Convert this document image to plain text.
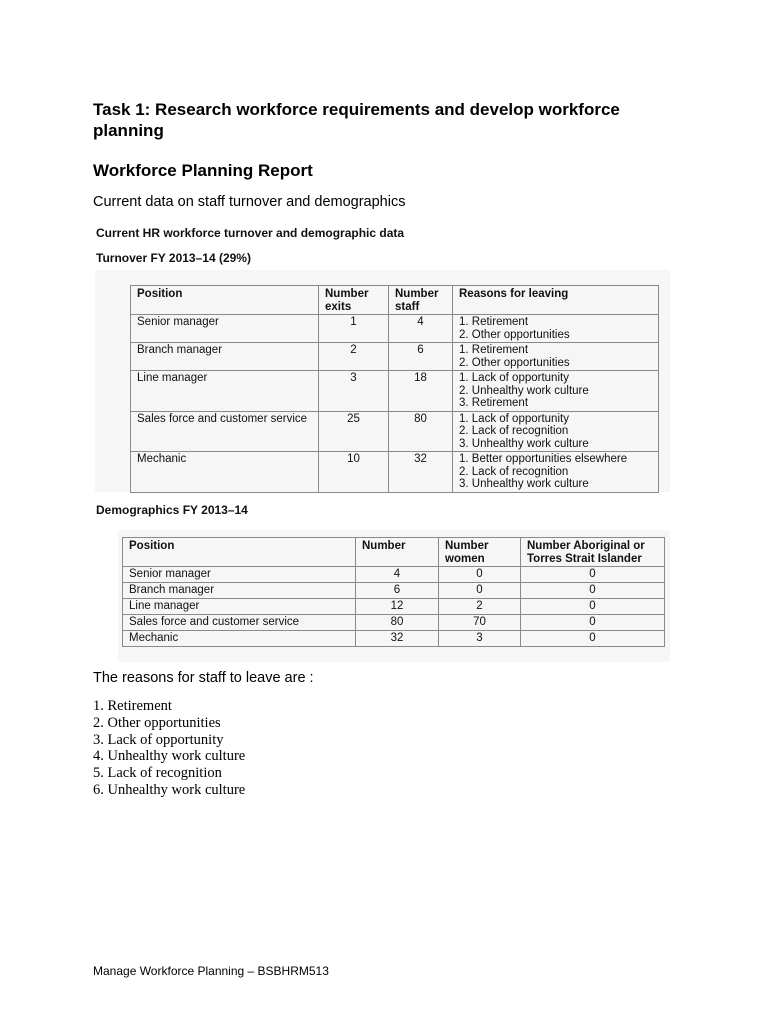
Task 1: Research workforce requirements and develop workforce planning
Workforce Planning Report
Current data on staff turnover and demographics
Current HR workforce turnover and demographic data
Turnover FY 2013–14 (29%)
Position	Number exits	Number staff	Reasons for leaving
Senior manager	1	4	1. Retirement
2. Other opportunities

Branch manager	2	6	1. Retirement
2. Other opportunities

Line manager	3	18	1. Lack of opportunity
2. Unhealthy work culture
3. Retirement

Sales force and customer service	25	80	1. Lack of opportunity
2. Lack of recognition
3. Unhealthy work culture

Mechanic	10	32	1. Better opportunities elsewhere
2. Lack of recognition
3. Unhealthy work culture
Demographics FY 2013–14
Position	Number	Number women	Number Aboriginal or Torres Strait Islander
Senior manager	4	0	0
Branch manager	6	0	0
Line manager	12	2	0
Sales force and customer service	80	70	0
Mechanic	32	3	0
The reasons for staff to leave are :
1. Retirement
2. Other opportunities
3. Lack of opportunity
4. Unhealthy work culture
5. Lack of recognition
6. Unhealthy work culture
Manage Workforce Planning – BSBHRM513
